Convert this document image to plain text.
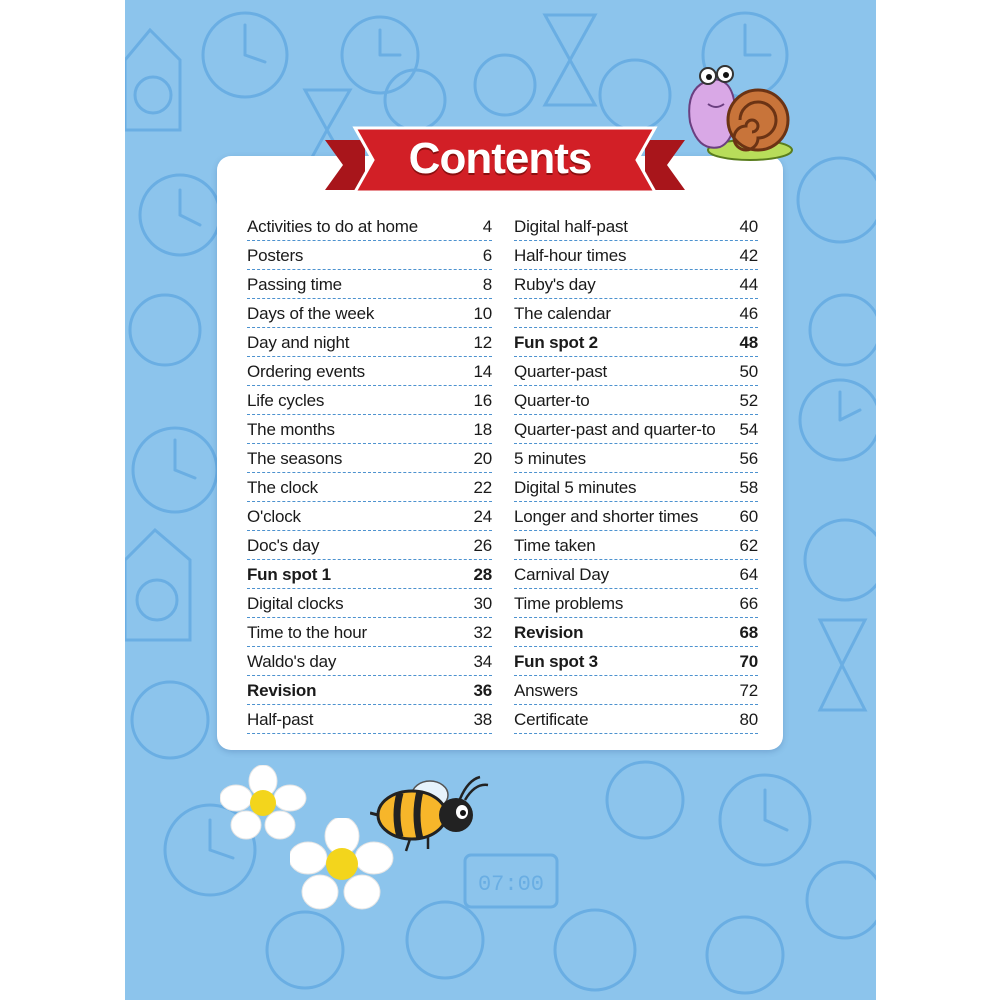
07:00
Activities to do at home	4
Posters	6
Passing time	8
Days of the week	10
Day and night	12
Ordering events	14
Life cycles	16
The months	18
The seasons	20
The clock	22
O'clock	24
Doc's day	26
Fun spot 1	28
Digital clocks	30
Time to the hour	32
Waldo's day	34
Revision	36
Half-past	38
Digital half-past	40
Half-hour times	42
Ruby's day	44
The calendar	46
Fun spot 2	48
Quarter-past	50
Quarter-to	52
Quarter-past and quarter-to	54
5 minutes	56
Digital 5 minutes	58
Longer and shorter times	60
Time taken	62
Carnival Day	64
Time problems	66
Revision	68
Fun spot 3	70
Answers	72
Certificate	80
Contents
